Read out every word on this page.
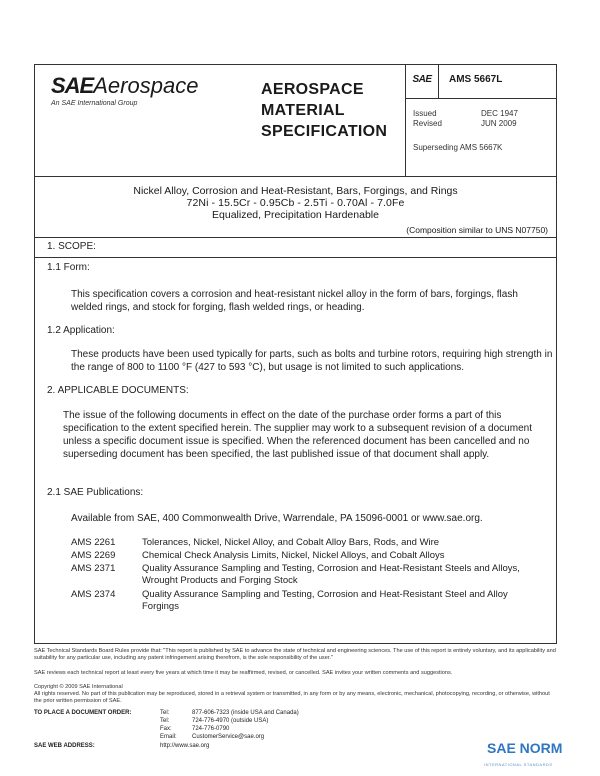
SAEAerospace
An SAE International Group
AEROSPACE
MATERIAL
SPECIFICATION
SAE	AMS 5667L
Issued	DEC 1947
Revised	JUN 2009
Superseding AMS 5667K
Nickel Alloy, Corrosion and Heat-Resistant, Bars, Forgings, and Rings
72Ni - 15.5Cr - 0.95Cb - 2.5Ti - 0.70Al - 7.0Fe
Equalized, Precipitation Hardenable
(Composition similar to UNS N07750)
1. SCOPE:
1.1 Form:
This specification covers a corrosion and heat-resistant nickel alloy in the form of bars, forgings, flash welded rings, and stock for forging, flash welded rings, or heading.
1.2 Application:
These products have been used typically for parts, such as bolts and turbine rotors, requiring high strength in the range of 800 to 1100 °F (427 to 593 °C), but usage is not limited to such applications.
2. APPLICABLE DOCUMENTS:
The issue of the following documents in effect on the date of the purchase order forms a part of this specification to the extent specified herein. The supplier may work to a subsequent revision of a document unless a specific document issue is specified. When the referenced document has been cancelled and no superseding document has been specified, the last published issue of that document shall apply.
2.1 SAE Publications:
Available from SAE, 400 Commonwealth Drive, Warrendale, PA 15096-0001 or www.sae.org.
AMS 2261	Tolerances, Nickel, Nickel Alloy, and Cobalt Alloy Bars, Rods, and Wire
AMS 2269	Chemical Check Analysis Limits, Nickel, Nickel Alloys, and Cobalt Alloys
AMS 2371	Quality Assurance Sampling and Testing, Corrosion and Heat-Resistant Steels and Alloys, Wrought Products and Forging Stock
AMS 2374	Quality Assurance Sampling and Testing, Corrosion and Heat-Resistant Steel and Alloy Forgings
SAE Technical Standards Board Rules provide that: "This report is published by SAE to advance the state of technical and engineering sciences. The use of this report is entirely voluntary, and its applicability and suitability for any particular use, including any patent infringement arising therefrom, is the sole responsibility of the user."
SAE reviews each technical report at least every five years at which time it may be reaffirmed, revised, or cancelled. SAE invites your written comments and suggestions.
Copyright © 2009 SAE International
All rights reserved. No part of this publication may be reproduced, stored in a retrieval system or transmitted, in any form or by any means, electronic, mechanical, photocopying, recording, or otherwise, without the prior written permission of SAE.
TO PLACE A DOCUMENT ORDER:	Tel:	877-606-7323 (inside USA and Canada)
Tel:	724-776-4970 (outside USA)
Fax:	724-776-0790
Email:	CustomerService@sae.org
SAE WEB ADDRESS:	http://www.sae.org	SAE NORM
INTERNATIONAL STANDARDS
